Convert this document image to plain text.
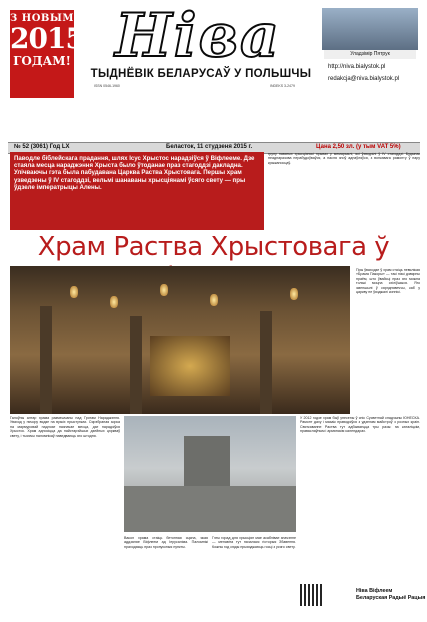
З НОВЫМ
2015
ГОДАМ! Ніва
ТЫДНЁВІК БЕЛАРУСАЎ У ПОЛЬШЧЫ
ISSN 0546-1960	INDEKS 3-2479
Уладзімір Пятрук
http://niva.bialystok.pl
redakcja@niva.bialystok.pl
№ 52 (3061) Год LX	Беласток, 11 студзеня 2015 г.	Цана 2,50 зл. (у тым VAT 5%)
Паводле біблейскага прадання, шлях Ісус Хрыстос нарадзіўся ў Віфлееме. Дзе стаяла месца нараджэння Хрыста было ўтоданае праз стагоддзі дакладна. Улічваючы гэта была пабудавана Царква Раства Хрыстовага. Першы храм узведзены ў IV стагоддзі, вельмі шанаваны хрысціянамі ўсяго свету — пры ўдзеле імператрыцы Алены.
групу наватых хрысціянскі прывах у мемарыялі, які ўзводзілі ў IV стагоддзі. Будынак неаднаразова перабудоўваўся, а пасля зноў аднаўляўся, з вонкавага рамонту ў пару крыжаносцаў.
Храм Раства Хрыстовага ў
Пры ўваходзе ў храм стаіць невялікая «Брама Пакоры» — такі нізкі дзвярны праём, што ўвайсці праз яго можна толькі моцна схіліўшыся. Яго зменшылі ў сярэднявеччы, каб у царкву не ўязджалі коннікі.
Галоўны алтар храма размешчаны над Гротам Нараджэння. Уваход у пячору вядзе па вузкіх прыступках. Сярэбраная зорка на мармуровай падлозе пазначае месца, дзе нарадзіўся Хрыстос. Храм адносіцца да найстарэйшых дзейных цэркваў свету, і тысячы паломнікаў наведваюць яго штодня.
Вакол храма стаіць бетонная сцяна, якая аддзяляе Віфлеем ад Іерусаліма. Паломнікі праходзяць праз пропускныя пункты.
Гэты горад для хрысціян мае асаблівае значэнне — менавіта тут пачалася гісторыя Збавення. Кожны год сюды прыязджаюць госці з усяго свету.
У 2012 годзе храм быў унесены ў спіс Сусветнай спадчыны ЮНЕСКА. Рамонт даху і мазаік праводзіўся з удзелам майстроў з розных краін. Святкаванне Раства тут адбываецца тры разы: па каталіцкім, праваслаўным і армянскім календарах.
Ніва Віфлеем
Беларуская Радыё Рацыя
